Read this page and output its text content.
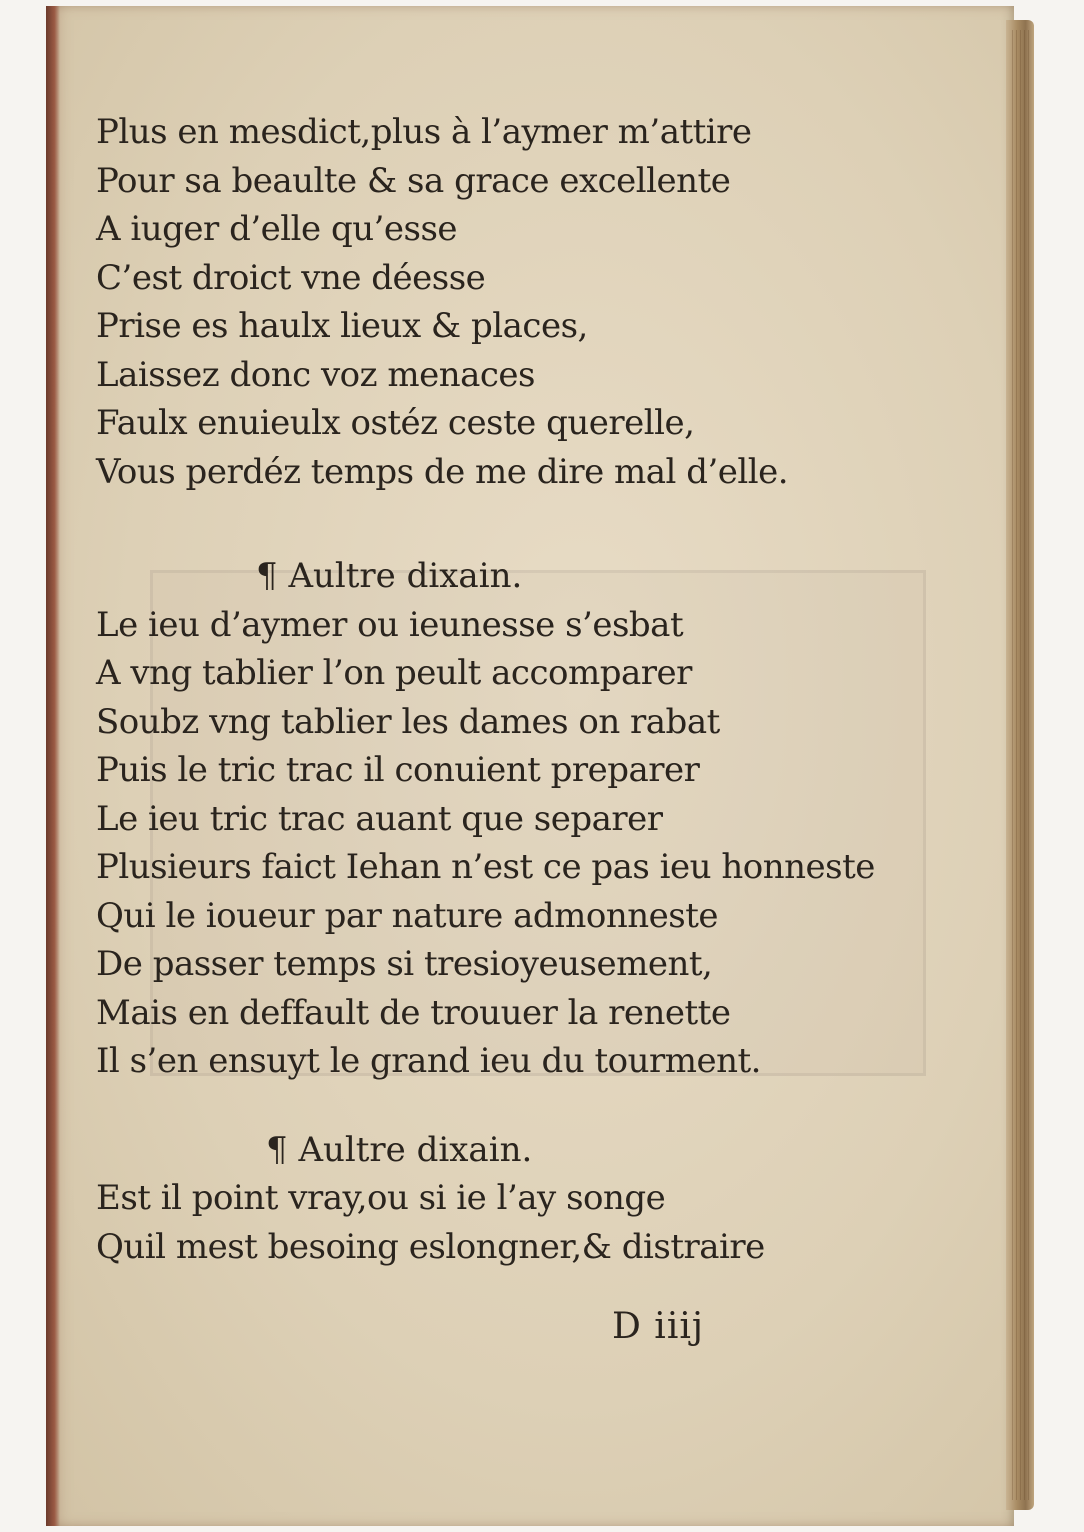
Plus en mesdict,plus à l’aymer m’attire
Pour sa beaulte & sa grace excellente
A iuger d’elle qu’esse
C’est droict vne déesse
Prise es haulx lieux & places,
Laissez donc voz menaces
Faulx enuieulx ostéz ceste querelle,
Vous perdéz temps de me dire mal d’elle.
¶ Aultre dixain.
Le ieu d’aymer ou ieunesse s’esbat
A vng tablier l’on peult accomparer
Soubz vng tablier les dames on rabat
Puis le tric trac il conuient preparer
Le ieu tric trac auant que separer
Plusieurs faict Iehan n’est ce pas ieu honneste
Qui le ioueur par nature admonneste
De passer temps si tresioyeusement,
Mais en deffault de trouuer la renette
Il s’en ensuyt le grand ieu du tourment.
¶ Aultre dixain.
Est il point vray,ou si ie l’ay songe
Quil mest besoing eslongner,& distraire
D iiij
